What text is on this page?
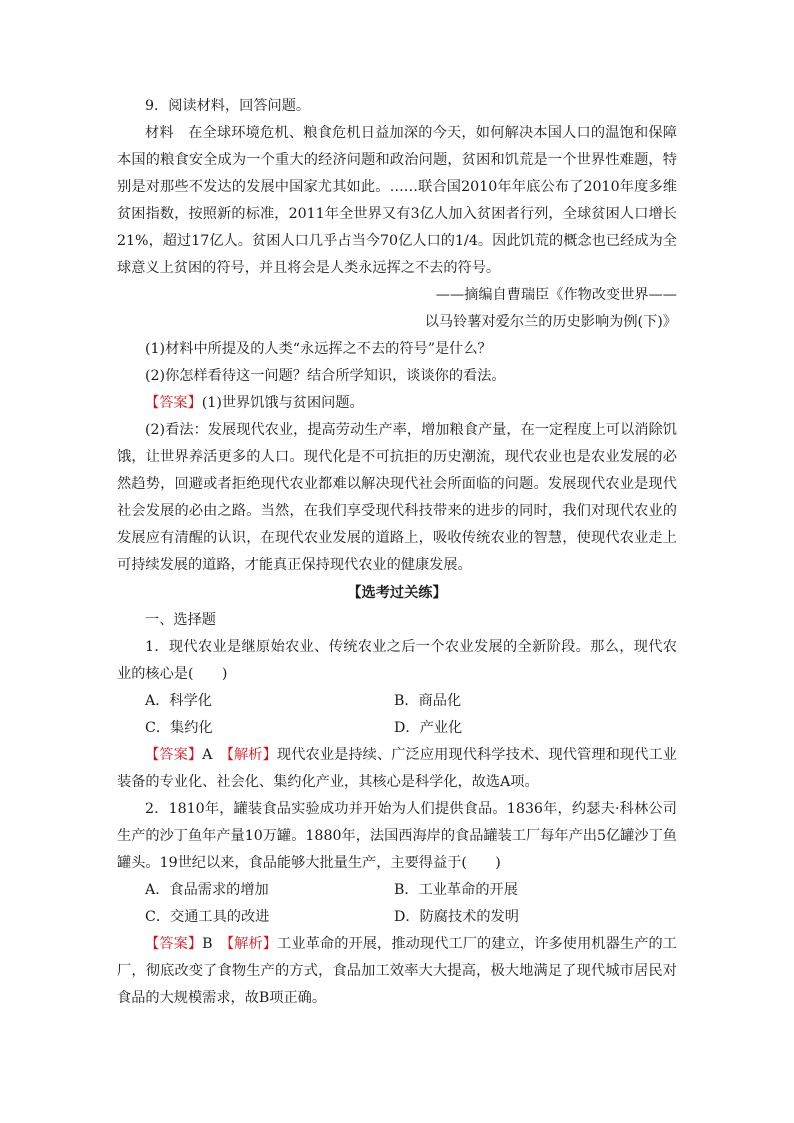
9．阅读材料，回答问题。

材料　 在全球环境危机、粮食危机日益加深的今天，如何解决本国人口的温饱和保障本国的粮食安全成为一个重大的经济问题和政治问题，贫困和饥荒是一个世界性难题，特别是对那些不发达的发展中国家尤其如此。……联合国2010年年底公布了2010年度多维贫困指数，按照新的标准，2011年全世界又有3亿人加入贫困者行列，全球贫困人口增长21%，超过17亿人。贫困人口几乎占当今70亿人口的1/4。因此饥荒的概念也已经成为全球意义上贫困的符号，并且将会是人类永远挥之不去的符号。

——摘编自曹瑞臣《作物改变世界——

以马铃薯对爱尔兰的历史影响为例(下)》

(1)材料中所提及的人类“永远挥之不去的符号”是什么？

(2)你怎样看待这一问题？结合所学知识，谈谈你的看法。

【答案】(1)世界饥饿与贫困问题。

(2)看法：发展现代农业，提高劳动生产率，增加粮食产量，在一定程度上可以消除饥饿，让世界养活更多的人口。现代化是不可抗拒的历史潮流，现代农业也是农业发展的必然趋势，回避或者拒绝现代农业都难以解决现代社会所面临的问题。发展现代农业是现代社会发展的必由之路。当然，在我们享受现代科技带来的进步的同时，我们对现代农业的发展应有清醒的认识，在现代农业发展的道路上，吸收传统农业的智慧，使现代农业走上可持续发展的道路，才能真正保持现代农业的健康发展。

【选考过关练】

一、选择题

1．现代农业是继原始农业、传统农业之后一个农业发展的全新阶段。那么，现代农业的核心是(　　)

A．科学化	B．商品化
C．集约化	D．产业化

【答案】A　 【解析】现代农业是持续、广泛应用现代科学技术、现代管理和现代工业装备的专业化、社会化、集约化产业，其核心是科学化，故选A项。

2．1810年，罐装食品实验成功并开始为人们提供食品。1836年，约瑟夫·科林公司生产的沙丁鱼年产量10万罐。1880年，法国西海岸的食品罐装工厂每年产出5亿罐沙丁鱼罐头。19世纪以来，食品能够大批量生产，主要得益于(　　)

A．食品需求的增加	B．工业革命的开展
C．交通工具的改进	D．防腐技术的发明

【答案】B　 【解析】工业革命的开展，推动现代工厂的建立，许多使用机器生产的工厂，彻底改变了食物生产的方式，食品加工效率大大提高，极大地满足了现代城市居民对食品的大规模需求，故B项正确。
